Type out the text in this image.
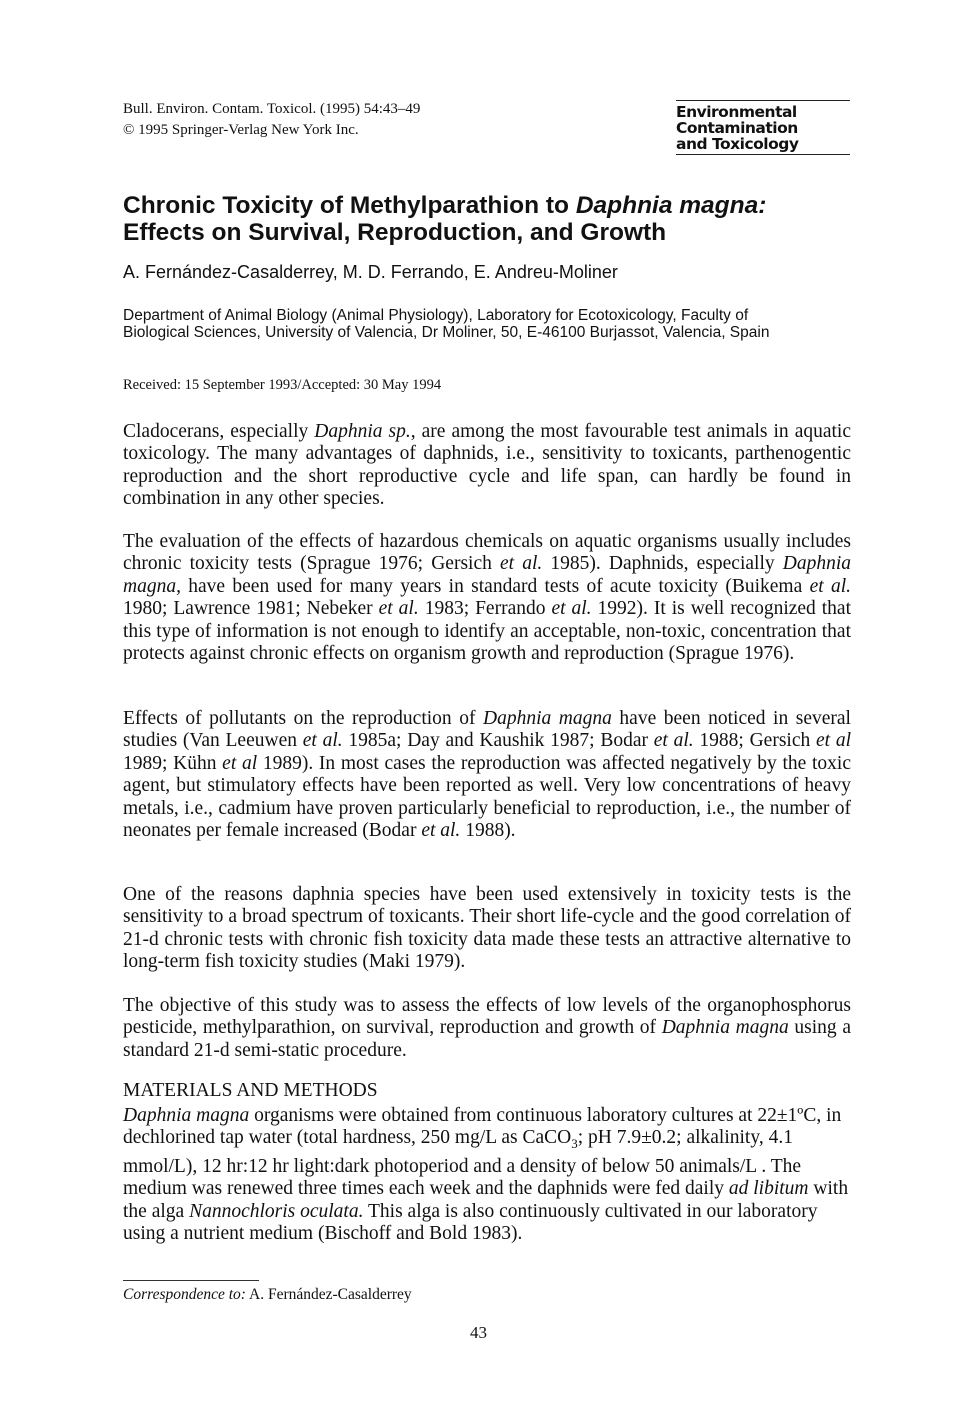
Bull. Environ. Contam. Toxicol. (1995) 54:43–49
© 1995 Springer-Verlag New York Inc.
Environmental
Contamination
and Toxicology
Chronic Toxicity of Methylparathion to Daphnia magna:
Effects on Survival, Reproduction, and Growth
A. Fernández-Casalderrey, M. D. Ferrando, E. Andreu-Moliner
Department of Animal Biology (Animal Physiology), Laboratory for Ecotoxicology, Faculty of Biological Sciences, University of Valencia, Dr Moliner, 50, E-46100 Burjassot, Valencia, Spain
Received: 15 September 1993/Accepted: 30 May 1994

Cladocerans, especially Daphnia sp., are among the most favourable test animals in aquatic toxicology. The many advantages of daphnids, i.e., sensitivity to toxicants, parthenogentic reproduction and the short reproductive cycle and life span, can hardly be found in combination in any other species.

The evaluation of the effects of hazardous chemicals on aquatic organisms usually includes chronic toxicity tests (Sprague 1976; Gersich et al. 1985). Daphnids, especially Daphnia magna, have been used for many years in standard tests of acute toxicity (Buikema et al. 1980; Lawrence 1981; Nebeker et al. 1983; Ferrando et al. 1992). It is well recognized that this type of information is not enough to identify an acceptable, non-toxic, concentration that protects against chronic effects on organism growth and reproduction (Sprague 1976).

Effects of pollutants on the reproduction of Daphnia magna have been noticed in several studies (Van Leeuwen et al. 1985a; Day and Kaushik 1987; Bodar et al. 1988; Gersich et al 1989; Kühn et al 1989). In most cases the reproduction was affected negatively by the toxic agent, but stimulatory effects have been reported as well. Very low concentrations of heavy metals, i.e., cadmium have proven particularly beneficial to reproduction, i.e., the number of neonates per female increased (Bodar et al. 1988).

One of the reasons daphnia species have been used extensively in toxicity tests is the sensitivity to a broad spectrum of toxicants. Their short life-cycle and the good correlation of 21-d chronic tests with chronic fish toxicity data made these tests an attractive alternative to long-term fish toxicity studies (Maki 1979).

The objective of this study was to assess the effects of low levels of the organophosphorus pesticide, methylparathion, on survival, reproduction and growth of Daphnia magna using a standard 21-d semi-static procedure.

MATERIALS AND METHODS

Daphnia magna organisms were obtained from continuous laboratory cultures at 22±1ºC, in dechlorined tap water (total hardness, 250 mg/L as CaCO$_3$; pH 7.9±0.2; alkalinity, 4.1 mmol/L), 12 hr:12 hr light:dark photoperiod and a density of below 50 animals/L . The medium was renewed three times each week and the daphnids were fed daily ad libitum with the alga Nannochloris oculata. This alga is also continuously cultivated in our laboratory using a nutrient medium (Bischoff and Bold 1983).

Correspondence to: A. Fernández-Casalderrey
43
